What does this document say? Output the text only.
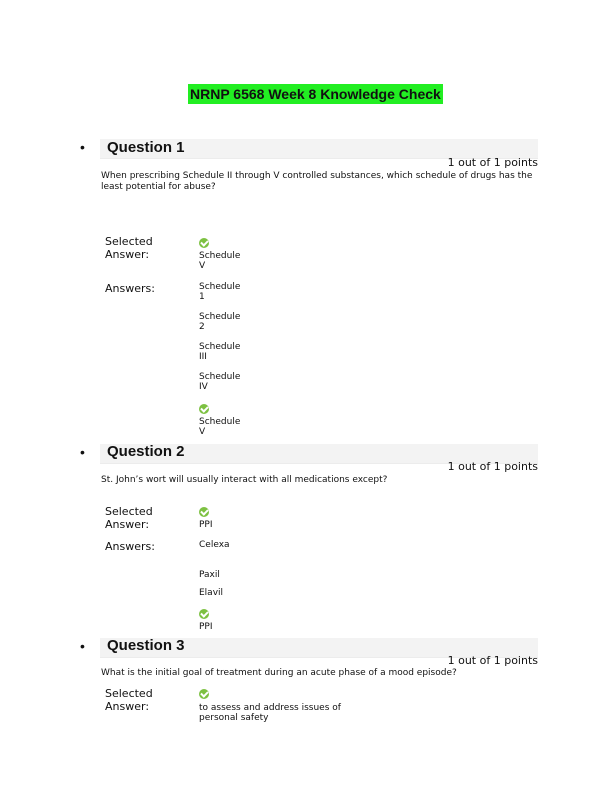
NRNP 6568 Week 8 Knowledge Check
•	Question 1
1 out of 1 points
When prescribing Schedule II through V controlled substances, which schedule of drugs has the least potential for abuse?
Selected
Answer:	Schedule V
Answers:	Schedule 1
Schedule 2
Schedule III
Schedule IV
Schedule V
•	Question 2
1 out of 1 points
St. John’s wort will usually interact with all medications except?
Selected
Answer:	PPI
Answers:	Celexa
Paxil
Elavil
PPI
•	Question 3
1 out of 1 points
What is the initial goal of treatment during an acute phase of a mood episode?
Selected
Answer:	to assess and address issues of personal safety
